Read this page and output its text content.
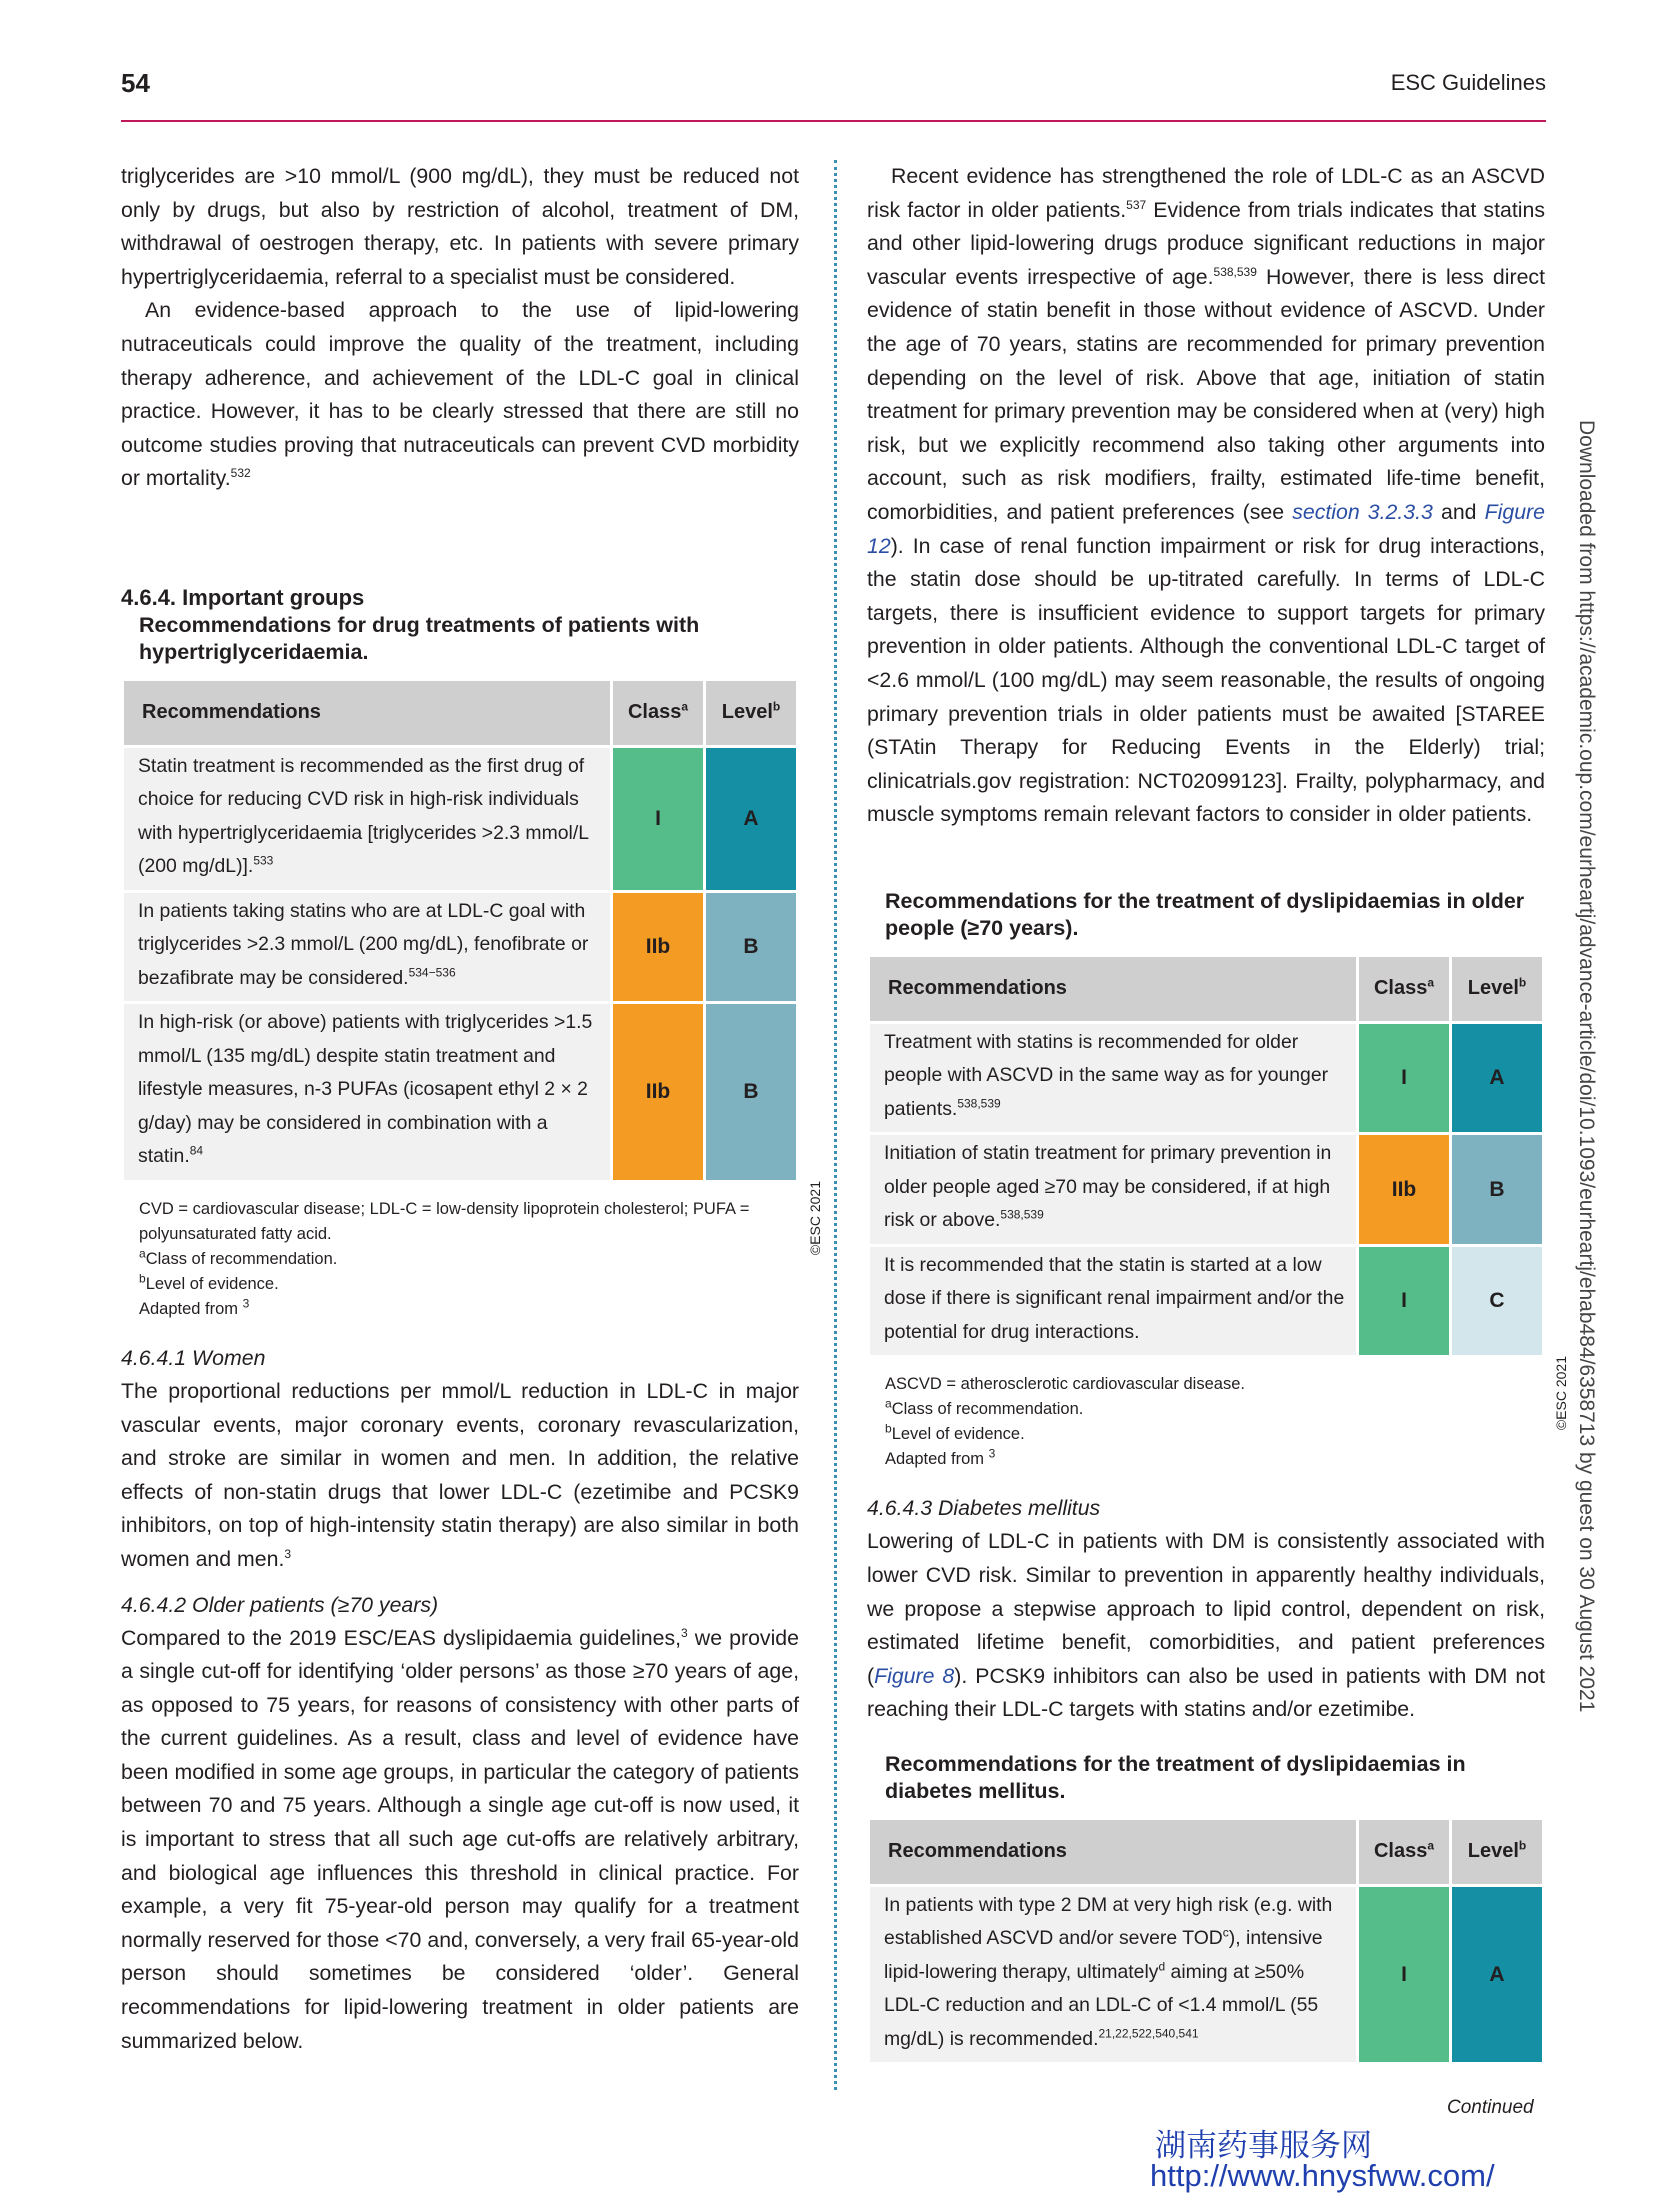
54	ESC Guidelines

triglycerides are >10 mmol/L (900 mg/dL), they must be reduced not only by drugs, but also by restriction of alcohol, treatment of DM, withdrawal of oestrogen therapy, etc. In patients with severe primary hypertriglyceridaemia, referral to a specialist must be considered.

An evidence-based approach to the use of lipid-lowering nutraceuticals could improve the quality of the treatment, including therapy adherence, and achievement of the LDL-C goal in clinical practice. However, it has to be clearly stressed that there are still no outcome studies proving that nutraceuticals can prevent CVD morbidity or mortality.$^{532}$

4.6.4. Important groups
Recommendations for drug treatments of patients with hypertriglyceridaemia.
Recommendations	Class$^a$	Level$^b$
Statin treatment is recommended as the first drug of choice for reducing CVD risk in high-risk individuals with hypertriglyceridaemia [triglycerides >2.3 mmol/L (200 mg/dL)].$^{533}$	I	A
In patients taking statins who are at LDL-C goal with triglycerides >2.3 mmol/L (200 mg/dL), fenofibrate or bezafibrate may be considered.$^{534-536}$	IIb	B
In high-risk (or above) patients with triglycerides >1.5 mmol/L (135 mg/dL) despite statin treatment and lifestyle measures, n-3 PUFAs (icosapent ethyl 2 × 2 g/day) may be considered in combination with a statin.$^{84}$	IIb	B
©ESC 2021
CVD = cardiovascular disease; LDL-C = low-density lipoprotein cholesterol; PUFA = polyunsaturated fatty acid.
$^a$Class of recommendation.
$^b$Level of evidence.
Adapted from $^3$

4.6.4.1 Women

The proportional reductions per mmol/L reduction in LDL-C in major vascular events, major coronary events, coronary revascularization, and stroke are similar in women and men. In addition, the relative effects of non-statin drugs that lower LDL-C (ezetimibe and PCSK9 inhibitors, on top of high-intensity statin therapy) are also similar in both women and men.$^3$

4.6.4.2 Older patients (≥70 years)

Compared to the 2019 ESC/EAS dyslipidaemia guidelines,$^3$ we provide a single cut-off for identifying ‘older persons’ as those ≥70 years of age, as opposed to 75 years, for reasons of consistency with other parts of the current guidelines. As a result, class and level of evidence have been modified in some age groups, in particular the category of patients between 70 and 75 years. Although a single age cut-off is now used, it is important to stress that all such age cut-offs are relatively arbitrary, and biological age influences this threshold in clinical practice. For example, a very fit 75-year-old person may qualify for a treatment normally reserved for those <70 and, conversely, a very frail 65-year-old person should sometimes be considered ‘older’. General recommendations for lipid-lowering treatment in older patients are summarized below.

Recent evidence has strengthened the role of LDL-C as an ASCVD risk factor in older patients.$^{537}$ Evidence from trials indicates that statins and other lipid-lowering drugs produce significant reductions in major vascular events irrespective of age.$^{538,539}$ However, there is less direct evidence of statin benefit in those without evidence of ASCVD. Under the age of 70 years, statins are recommended for primary prevention depending on the level of risk. Above that age, initiation of statin treatment for primary prevention may be considered when at (very) high risk, but we explicitly recommend also taking other arguments into account, such as risk modifiers, frailty, estimated life-time benefit, comorbidities, and patient preferences (see section 3.2.3.3 and Figure 12). In case of renal function impairment or risk for drug interactions, the statin dose should be up-titrated carefully. In terms of LDL-C targets, there is insufficient evidence to support targets for primary prevention in older patients. Although the conventional LDL-C target of <2.6 mmol/L (100 mg/dL) may seem reasonable, the results of ongoing primary prevention trials in older patients must be awaited [STAREE (STAtin Therapy for Reducing Events in the Elderly) trial; clinicatrials.gov registration: NCT02099123]. Frailty, polypharmacy, and muscle symptoms remain relevant factors to consider in older patients.

Recommendations for the treatment of dyslipidaemias in older people (≥70 years).
Recommendations	Class$^a$	Level$^b$
Treatment with statins is recommended for older people with ASCVD in the same way as for younger patients.$^{538,539}$	I	A
Initiation of statin treatment for primary prevention in older people aged ≥70 may be considered, if at high risk or above.$^{538,539}$	IIb	B
It is recommended that the statin is started at a low dose if there is significant renal impairment and/or the potential for drug interactions.	I	C
©ESC 2021
ASCVD = atherosclerotic cardiovascular disease.
$^a$Class of recommendation.
$^b$Level of evidence.
Adapted from $^3$

4.6.4.3 Diabetes mellitus

Lowering of LDL-C in patients with DM is consistently associated with lower CVD risk. Similar to prevention in apparently healthy individuals, we propose a stepwise approach to lipid control, dependent on risk, estimated lifetime benefit, comorbidities, and patient preferences (Figure 8). PCSK9 inhibitors can also be used in patients with DM not reaching their LDL-C targets with statins and/or ezetimibe.

Recommendations for the treatment of dyslipidaemias in diabetes mellitus.
Recommendations	Class$^a$	Level$^b$
In patients with type 2 DM at very high risk (e.g. with established ASCVD and/or severe TOD$^c$), intensive lipid-lowering therapy, ultimately$^d$ aiming at ≥50% LDL-C reduction and an LDL-C of <1.4 mmol/L (55 mg/dL) is recommended.$^{21,22,522,540,541}$	I	A
Continued
Downloaded from https://academic.oup.com/eurheartj/advance-article/doi/10.1093/eurheartj/ehab484/6358713 by guest on 30 August 2021
湖南药事服务网
http://www.hnysfww.com/
